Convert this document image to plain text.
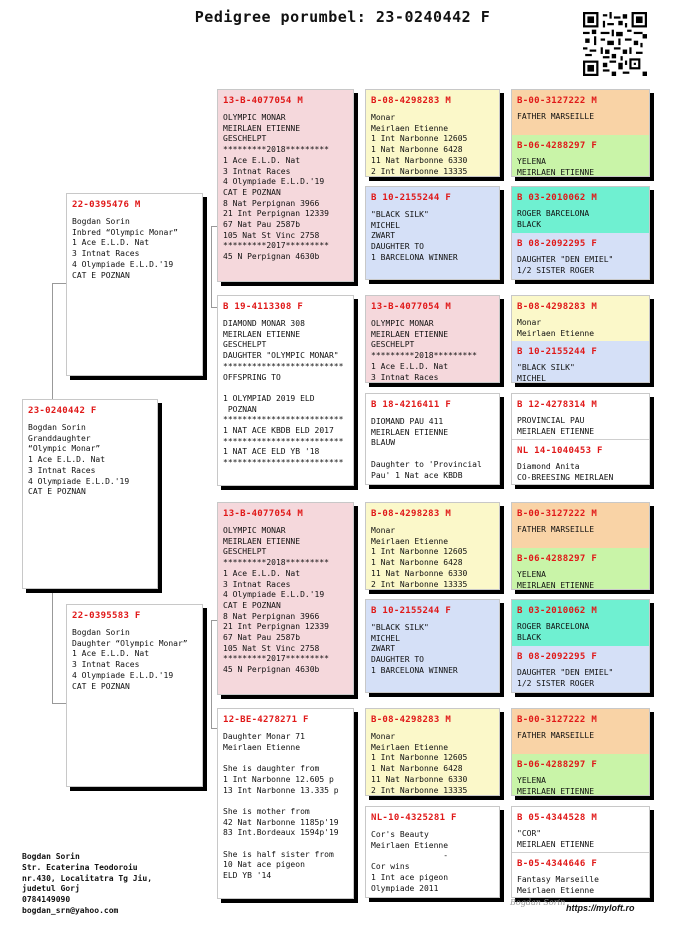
Pedigree porumbel: 23-0240442 F
23-0240442 F
Bogdan Sorin
Granddaughter
“Olympic Monar”
1 Ace E.L.D. Nat
3 Intnat Races
4 Olympiade E.L.D.'19
CAT E POZNAN
22-0395476 M
Bogdan Sorin
Inbred “Olympic Monar”
1 Ace E.L.D. Nat
3 Intnat Races
4 Olympiade E.L.D.'19
CAT E POZNAN
22-0395583 F
Bogdan Sorin
Daughter “Olympic Monar”
1 Ace E.L.D. Nat
3 Intnat Races
4 Olympiade E.L.D.'19
CAT E POZNAN
13-B-4077054 M
OLYMPIC MONAR
MEIRLAEN ETIENNE
GESCHELPT
*********2018*********
1 Ace E.L.D. Nat
3 Intnat Races
4 Olympiade E.L.D.'19
CAT E POZNAN
8 Nat Perpignan 3966
21 Int Perpignan 12339
67 Nat Pau 2587b
105 Nat St Vinc 2758
*********2017*********
45 N Perpignan 4630b
B 19-4113308 F
DIAMOND MONAR 308
MEIRLAEN ETIENNE
GESCHELPT
DAUGHTER "OLYMPIC MONAR"
*************************
OFFSPRING TO

1 OLYMPIAD 2019 ELD
POZNAN
*************************
1 NAT ACE KBDB ELD 2017
*************************
1 NAT ACE ELD YB '18
*************************
13-B-4077054 M
OLYMPIC MONAR
MEIRLAEN ETIENNE
GESCHELPT
*********2018*********
1 Ace E.L.D. Nat
3 Intnat Races
4 Olympiade E.L.D.'19
CAT E POZNAN
8 Nat Perpignan 3966
21 Int Perpignan 12339
67 Nat Pau 2587b
105 Nat St Vinc 2758
*********2017*********
45 N Perpignan 4630b
12-BE-4278271 F
Daughter Monar 71
Meirlaen Etienne

She is daughter from
1 Int Narbonne 12.605 p
13 Int Narbonne 13.335 p

She is mother from
42 Nat Narbonne 1185p'19
83 Int.Bordeaux 1594p'19

She is half sister from
10 Nat ace pigeon
ELD YB '14
B-08-4298283 M
Monar
Meirlaen Etienne
1 Int Narbonne 12605
1 Nat Narbonne 6428
11 Nat Narbonne 6330
2 Int Narbonne 13335
B 10-2155244 F
"BLACK SILK"
MICHEL
ZWART
DAUGHTER TO
1 BARCELONA WINNER
13-B-4077054 M
OLYMPIC MONAR
MEIRLAEN ETIENNE
GESCHELPT
*********2018*********
1 Ace E.L.D. Nat
3 Intnat Races
B 18-4216411 F
DIOMAND PAU 411
MEIRLAEN ETIENNE
BLAUW

Daughter to 'Provincial
Pau' 1 Nat ace KBDB
B-08-4298283 M
Monar
Meirlaen Etienne
1 Int Narbonne 12605
1 Nat Narbonne 6428
11 Nat Narbonne 6330
2 Int Narbonne 13335
B 10-2155244 F
"BLACK SILK"
MICHEL
ZWART
DAUGHTER TO
1 BARCELONA WINNER
B-08-4298283 M
Monar
Meirlaen Etienne
1 Int Narbonne 12605
1 Nat Narbonne 6428
11 Nat Narbonne 6330
2 Int Narbonne 13335
NL-10-4325281 F
Cor's Beauty
Meirlaen Etienne
-
Cor wins
1 Int ace pigeon
Olympiade 2011
B-00-3127222 M
FATHER MARSEILLE
B-06-4288297 F
YELENA
MEIRLAEN ETIENNE
B 03-2010062 M
ROGER BARCELONA
BLACK
B 08-2092295 F
DAUGHTER "DEN EMIEL"
1/2 SISTER ROGER
B-08-4298283 M
Monar
Meirlaen Etienne
B 10-2155244 F
"BLACK SILK"
MICHEL
B 12-4278314 M
PROVINCIAL PAU
MEIRLAEN ETIENNE
NL 14-1040453 F
Diamond Anita
CO-BREESING MEIRLAEN
B-00-3127222 M
FATHER MARSEILLE
B-06-4288297 F
YELENA
MEIRLAEN ETIENNE
B 03-2010062 M
ROGER BARCELONA
BLACK
B 08-2092295 F
DAUGHTER "DEN EMIEL"
1/2 SISTER ROGER
B-00-3127222 M
FATHER MARSEILLE
B-06-4288297 F
YELENA
MEIRLAEN ETIENNE
B 05-4344528 M
"COR"
MEIRLAEN ETIENNE
B-05-4344646 F
Fantasy Marseille
Meirlaen Etienne
Bogdan Sorin
Str. Ecaterina Teodoroiu
nr.430, Localitatra Tg Jiu,
judetul Gorj
0784149090
bogdan_srn@yahoo.com
Bogdan Sorin
https://myloft.ro
